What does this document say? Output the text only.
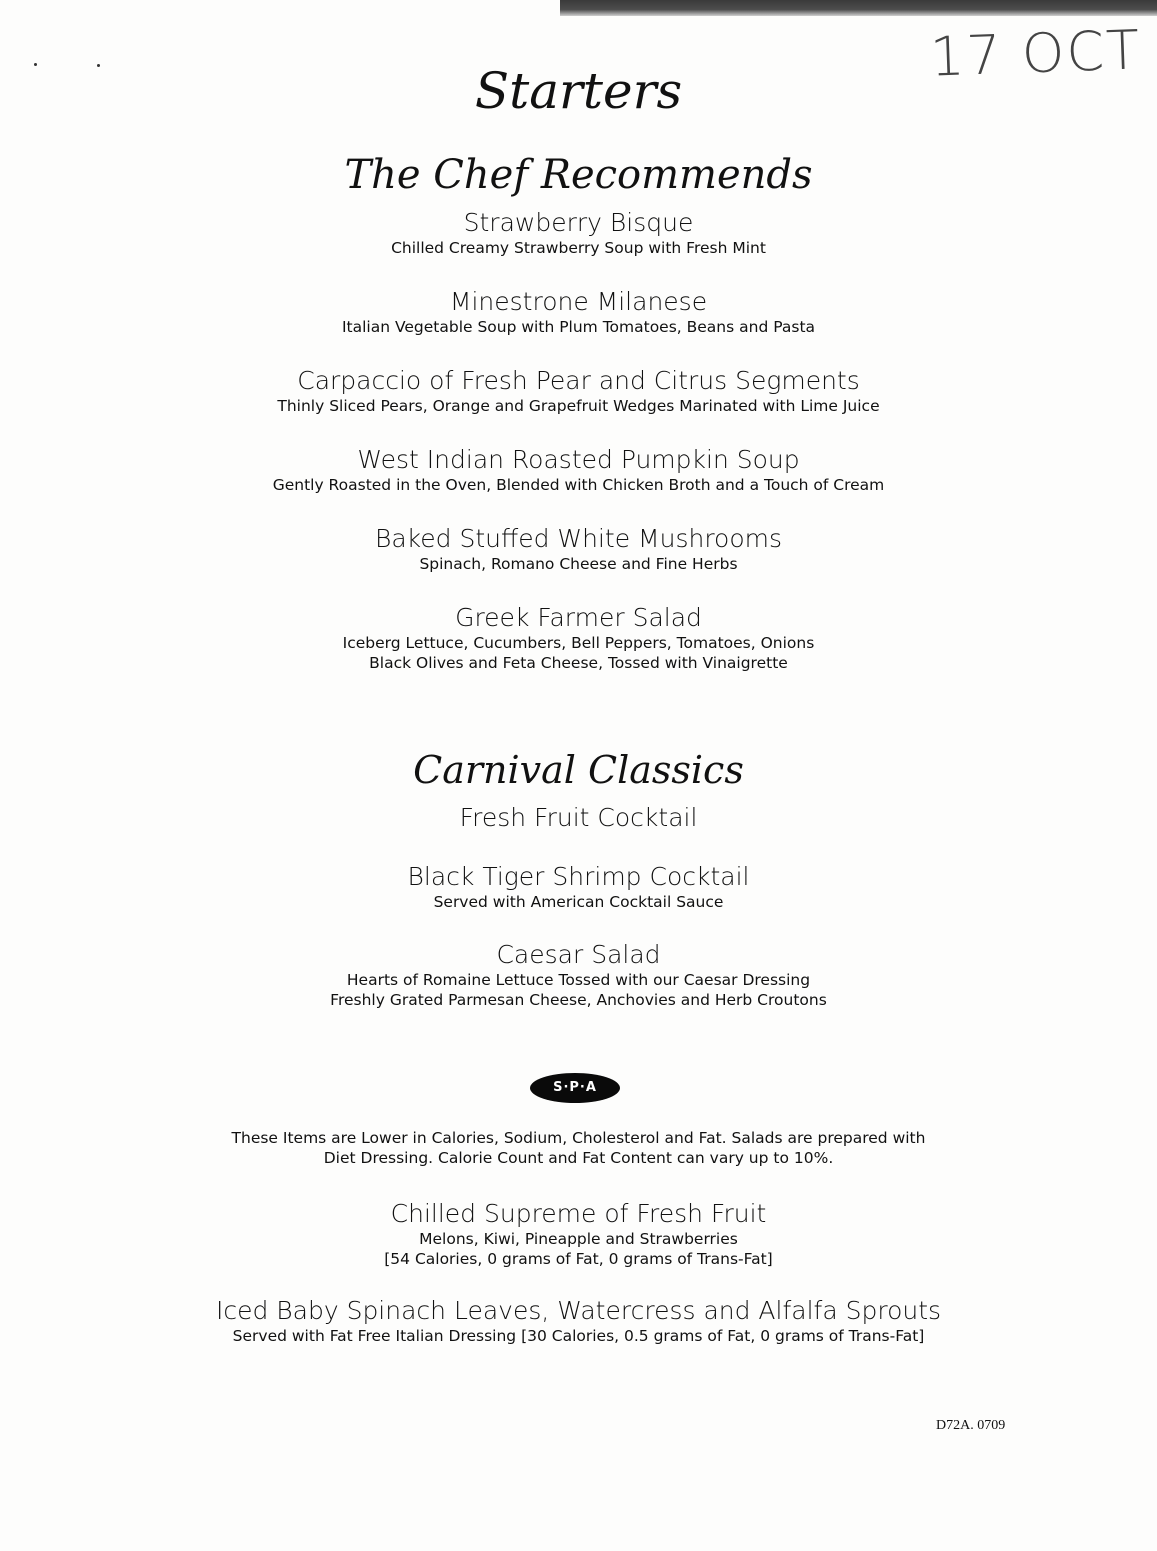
17 OCT
Starters
The Chef Recommends
Strawberry Bisque
Chilled Creamy Strawberry Soup with Fresh Mint
Minestrone Milanese
Italian Vegetable Soup with Plum Tomatoes, Beans and Pasta
Carpaccio of Fresh Pear and Citrus Segments
Thinly Sliced Pears, Orange and Grapefruit Wedges Marinated with Lime Juice
West Indian Roasted Pumpkin Soup
Gently Roasted in the Oven, Blended with Chicken Broth and a Touch of Cream
Baked Stuffed White Mushrooms
Spinach, Romano Cheese and Fine Herbs
Greek Farmer Salad
Iceberg Lettuce, Cucumbers, Bell Peppers, Tomatoes, Onions
Black Olives and Feta Cheese, Tossed with Vinaigrette
Carnival Classics
Fresh Fruit Cocktail
Black Tiger Shrimp Cocktail
Served with American Cocktail Sauce
Caesar Salad
Hearts of Romaine Lettuce Tossed with our Caesar Dressing
Freshly Grated Parmesan Cheese, Anchovies and Herb Croutons
S·P·A
These Items are Lower in Calories, Sodium, Cholesterol and Fat. Salads are prepared with
Diet Dressing. Calorie Count and Fat Content can vary up to 10%.
Chilled Supreme of Fresh Fruit
Melons, Kiwi, Pineapple and Strawberries
[54 Calories, 0 grams of Fat, 0 grams of Trans-Fat]
Iced Baby Spinach Leaves, Watercress and Alfalfa Sprouts
Served with Fat Free Italian Dressing [30 Calories, 0.5 grams of Fat, 0 grams of Trans-Fat]
D72A. 0709
